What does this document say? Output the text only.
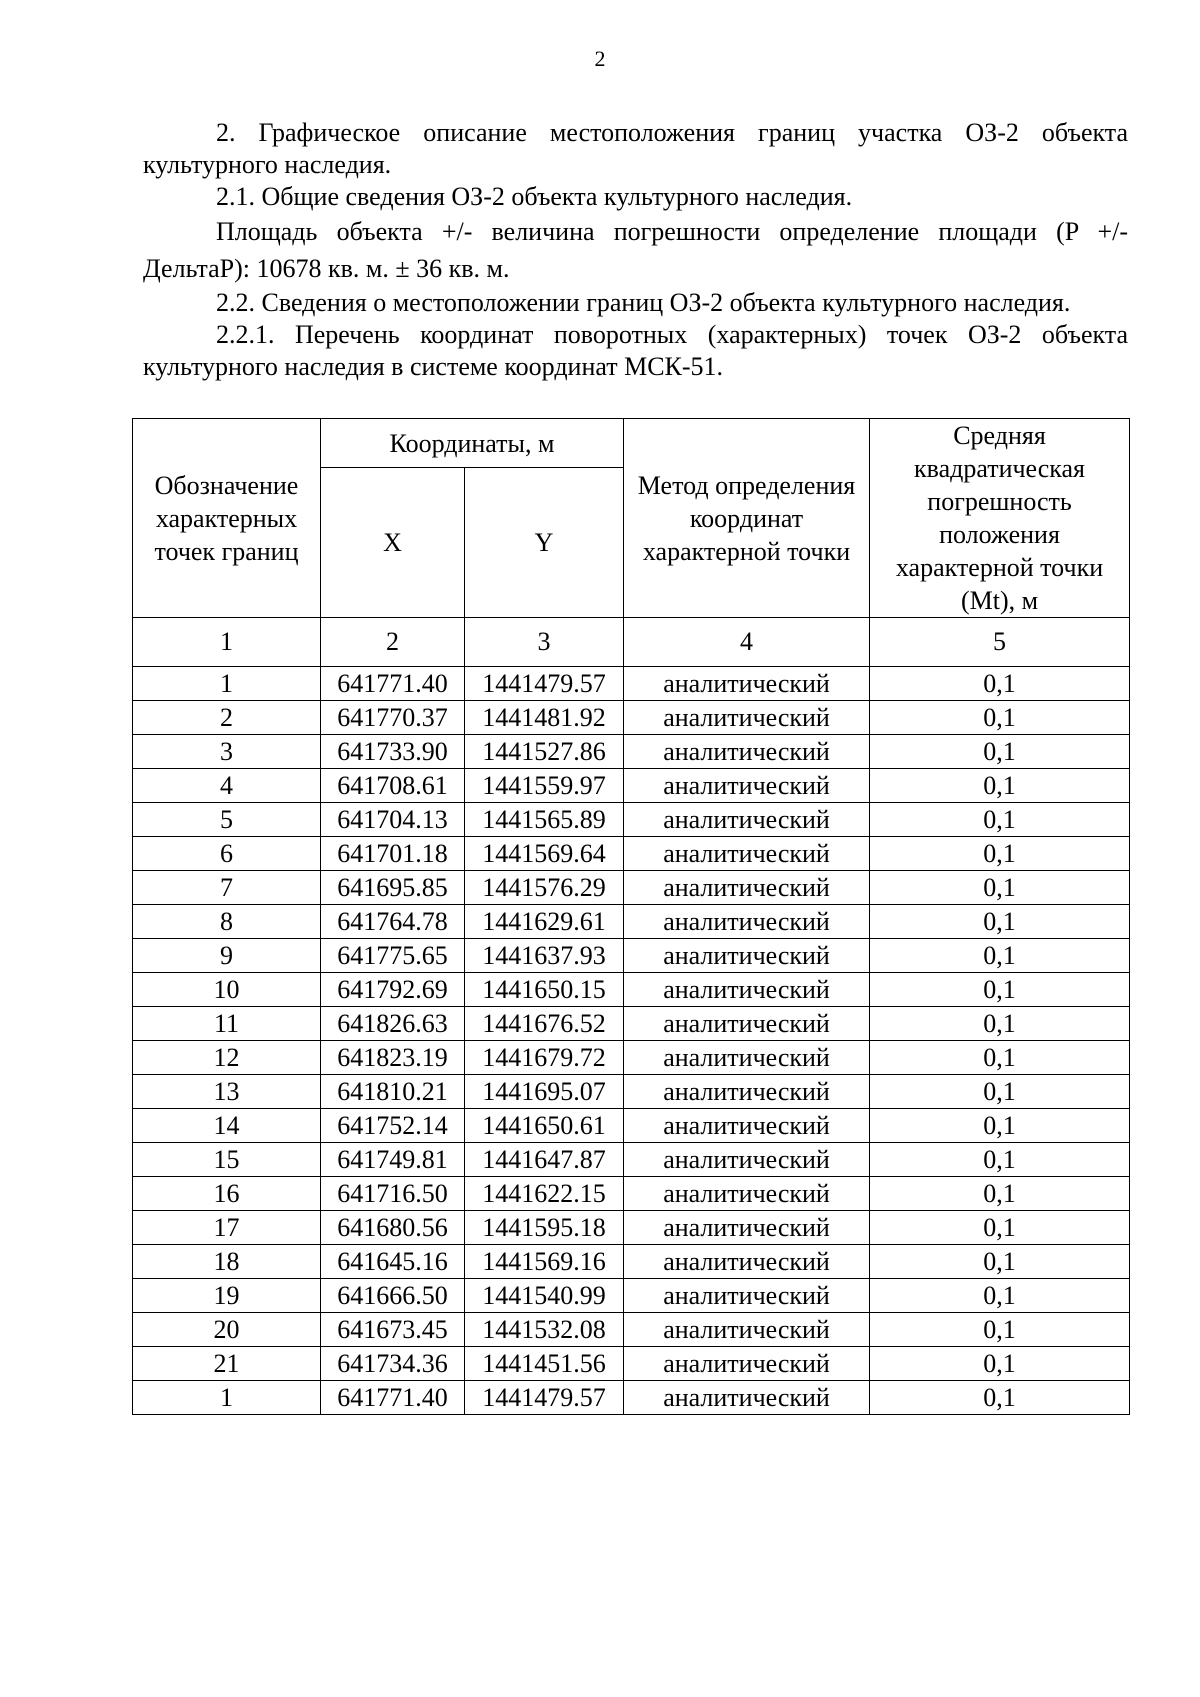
2

2. Графическое описание местоположения границ участка ОЗ-2 объекта культурного наследия.

2.1. Общие сведения ОЗ-2 объекта культурного наследия.

Площадь объекта +/- величина погрешности определение площади (P +/- ДельтаP): 10678 кв. м. ± 36 кв. м.

2.2. Сведения о местоположении границ ОЗ-2 объекта культурного наследия.

2.2.1. Перечень координат поворотных (характерных) точек ОЗ-2 объекта культурного наследия в системе координат МСК-51.

Обозначение характерных точек границ	Координаты, м		Метод определения координат характерной точки	Средняя квадратическая погрешность положения характерной точки (Mt), м
	X	Y		
1	2	3	4	5
1	641771.40	1441479.57	аналитический	0,1
2	641770.37	1441481.92	аналитический	0,1
3	641733.90	1441527.86	аналитический	0,1
4	641708.61	1441559.97	аналитический	0,1
5	641704.13	1441565.89	аналитический	0,1
6	641701.18	1441569.64	аналитический	0,1
7	641695.85	1441576.29	аналитический	0,1
8	641764.78	1441629.61	аналитический	0,1
9	641775.65	1441637.93	аналитический	0,1
10	641792.69	1441650.15	аналитический	0,1
11	641826.63	1441676.52	аналитический	0,1
12	641823.19	1441679.72	аналитический	0,1
13	641810.21	1441695.07	аналитический	0,1
14	641752.14	1441650.61	аналитический	0,1
15	641749.81	1441647.87	аналитический	0,1
16	641716.50	1441622.15	аналитический	0,1
17	641680.56	1441595.18	аналитический	0,1
18	641645.16	1441569.16	аналитический	0,1
19	641666.50	1441540.99	аналитический	0,1
20	641673.45	1441532.08	аналитический	0,1
21	641734.36	1441451.56	аналитический	0,1
1	641771.40	1441479.57	аналитический	0,1
